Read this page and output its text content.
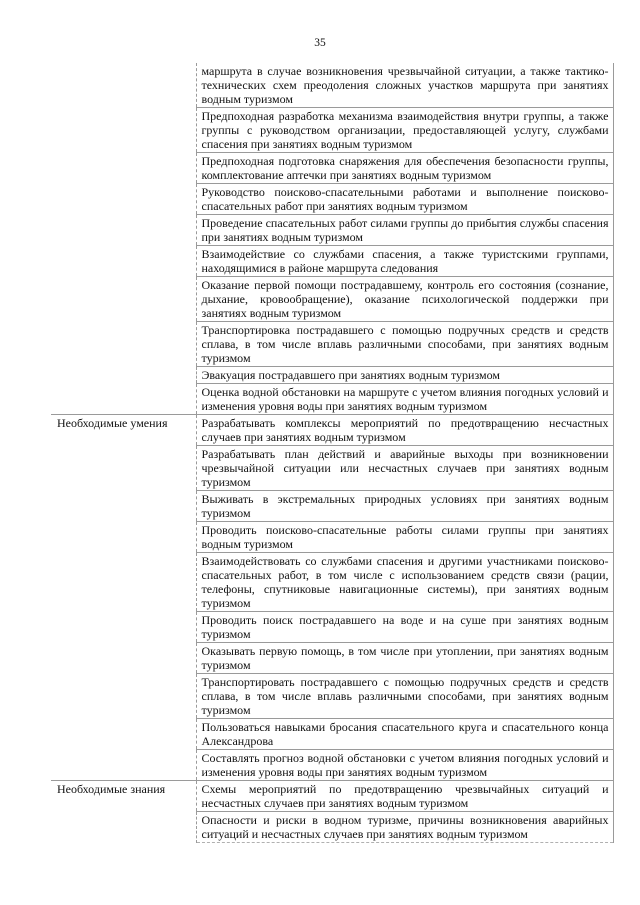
35
	маршрута в случае возникновения чрезвычайной ситуации, а также тактико-технических схем преодоления сложных участков маршрута при занятиях водным туризмом
	Предпоходная разработка механизма взаимодействия внутри группы, а также группы с руководством организации, предоставляющей услугу, службами спасения при занятиях водным туризмом
	Предпоходная подготовка снаряжения для обеспечения безопасности группы, комплектование аптечки при занятиях водным туризмом
	Руководство поисково-спасательными работами и выполнение поисково-спасательных работ при занятиях водным туризмом
	Проведение спасательных работ силами группы до прибытия службы спасения при занятиях водным туризмом
	Взаимодействие со службами спасения, а также туристскими группами, находящимися в районе маршрута следования
	Оказание первой помощи пострадавшему, контроль его состояния (сознание, дыхание, кровообращение), оказание психологической поддержки при занятиях водным туризмом
	Транспортировка пострадавшего с помощью подручных средств и средств сплава, в том числе вплавь различными способами, при занятиях водным туризмом
	Эвакуация пострадавшего при занятиях водным туризмом
	Оценка водной обстановки на маршруте с учетом влияния погодных условий и изменения уровня воды при занятиях водным туризмом
Необходимые умения	Разрабатывать комплексы мероприятий по предотвращению несчастных случаев при занятиях водным туризмом
	Разрабатывать план действий и аварийные выходы при возникновении чрезвычайной ситуации или несчастных случаев при занятиях водным туризмом
	Выживать в экстремальных природных условиях при занятиях водным туризмом
	Проводить поисково-спасательные работы силами группы при занятиях водным туризмом
	Взаимодействовать со службами спасения и другими участниками поисково-спасательных работ, в том числе с использованием средств связи (рации, телефоны, спутниковые навигационные системы), при занятиях водным туризмом
	Проводить поиск пострадавшего на воде и на суше при занятиях водным туризмом
	Оказывать первую помощь, в том числе при утоплении, при занятиях водным туризмом
	Транспортировать пострадавшего с помощью подручных средств и средств сплава, в том числе вплавь различными способами, при занятиях водным туризмом
	Пользоваться навыками бросания спасательного круга и спасательного конца Александрова
	Составлять прогноз водной обстановки с учетом влияния погодных условий и изменения уровня воды при занятиях водным туризмом
Необходимые знания	Схемы мероприятий по предотвращению чрезвычайных ситуаций и несчастных случаев при занятиях водным туризмом
	Опасности и риски в водном туризме, причины возникновения аварийных ситуаций и несчастных случаев при занятиях водным туризмом
